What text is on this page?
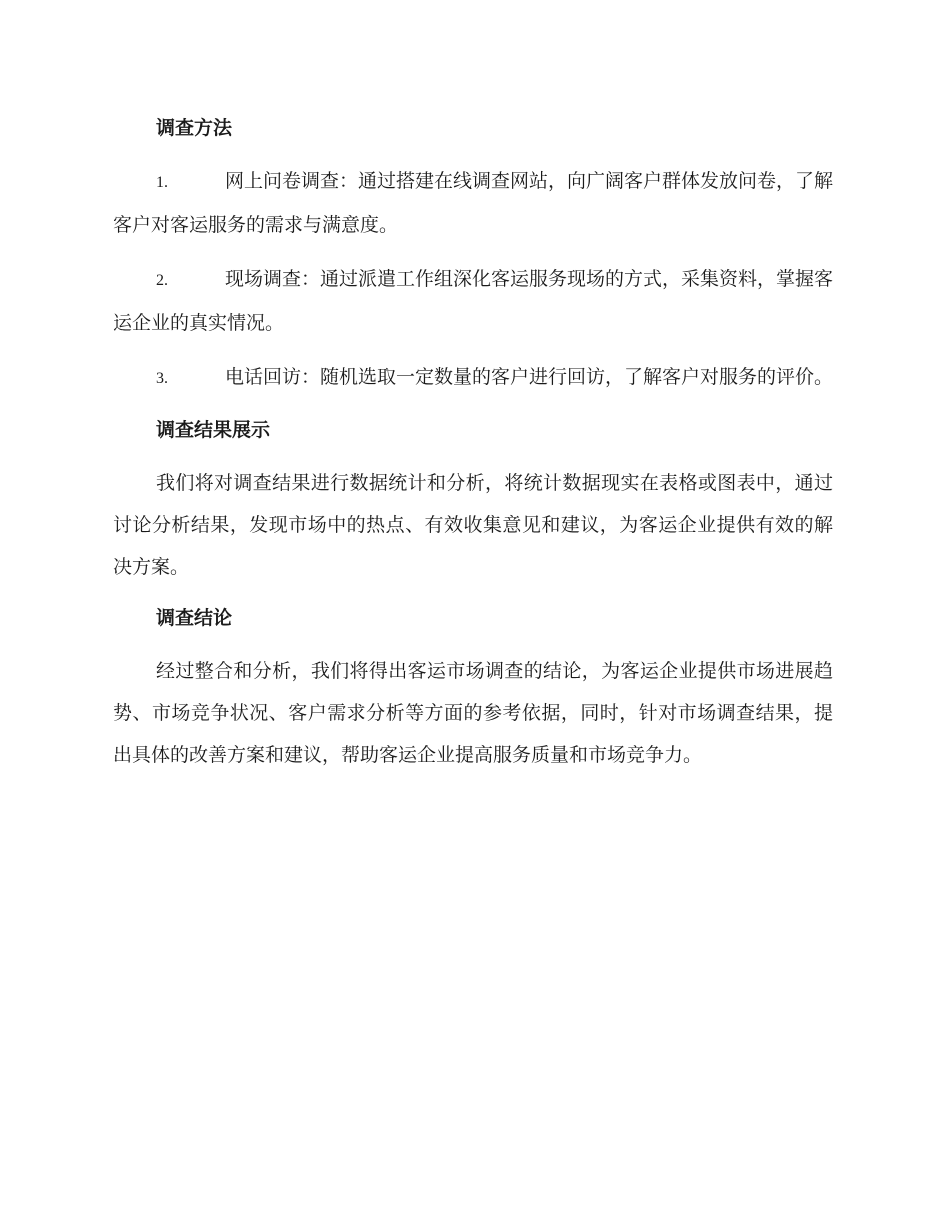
调查方法
1.	网上问卷调查：通过搭建在线调查网站，向广阔客户群体发放问卷，了解客户对客运服务的需求与满意度。
2.	现场调查：通过派遣工作组深化客运服务现场的方式，采集资料，掌握客运企业的真实情况。
3.	电话回访：随机选取一定数量的客户进行回访，了解客户对服务的评价。
调查结果展示
我们将对调查结果进行数据统计和分析，将统计数据现实在表格或图表中，通过讨论分析结果，发现市场中的热点、有效收集意见和建议，为客运企业提供有效的解决方案。
调查结论
经过整合和分析，我们将得出客运市场调查的结论，为客运企业提供市场进展趋势、市场竞争状况、客户需求分析等方面的参考依据，同时，针对市场调查结果，提出具体的改善方案和建议，帮助客运企业提高服务质量和市场竞争力。
